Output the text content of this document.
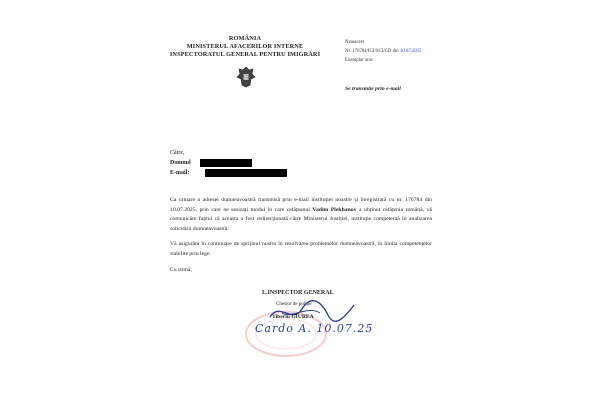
ROMÂNIA
MINISTERUL AFACERILOR INTERNE
INSPECTORATUL GENERAL PENTRU IMIGRĂRI
Neasecret
Nr. 176784/IGI/SCI/CD din 10.07.2025
Exemplar unic
Se transmite prin e-mail
Către,
Domnul
E-mail:

Ca urmare a adresei dumneavoastră transmisă prin e-mail instituției noastre și înregistrată cu nr. 176784 din 10.07.2025, prin care ne sesizați modul în care cetățeanul Vadim Plekhanov a obținut cetățenia română, vă comunicăm faptul că aceasta a fost redirecționată către Ministerul Justiției, instituție competentă în analizarea solicitării dumneavoastră.

Vă asigurăm în continuare de sprijinul nostru în rezolvarea problemelor dumneavoastră, în limita competențelor stabilite prin lege.

Cu stimă,

L.INSPECTOR GENERAL
Chestor de poliție
Tiberiu GIUREA
Cardo A. 10.07.25
